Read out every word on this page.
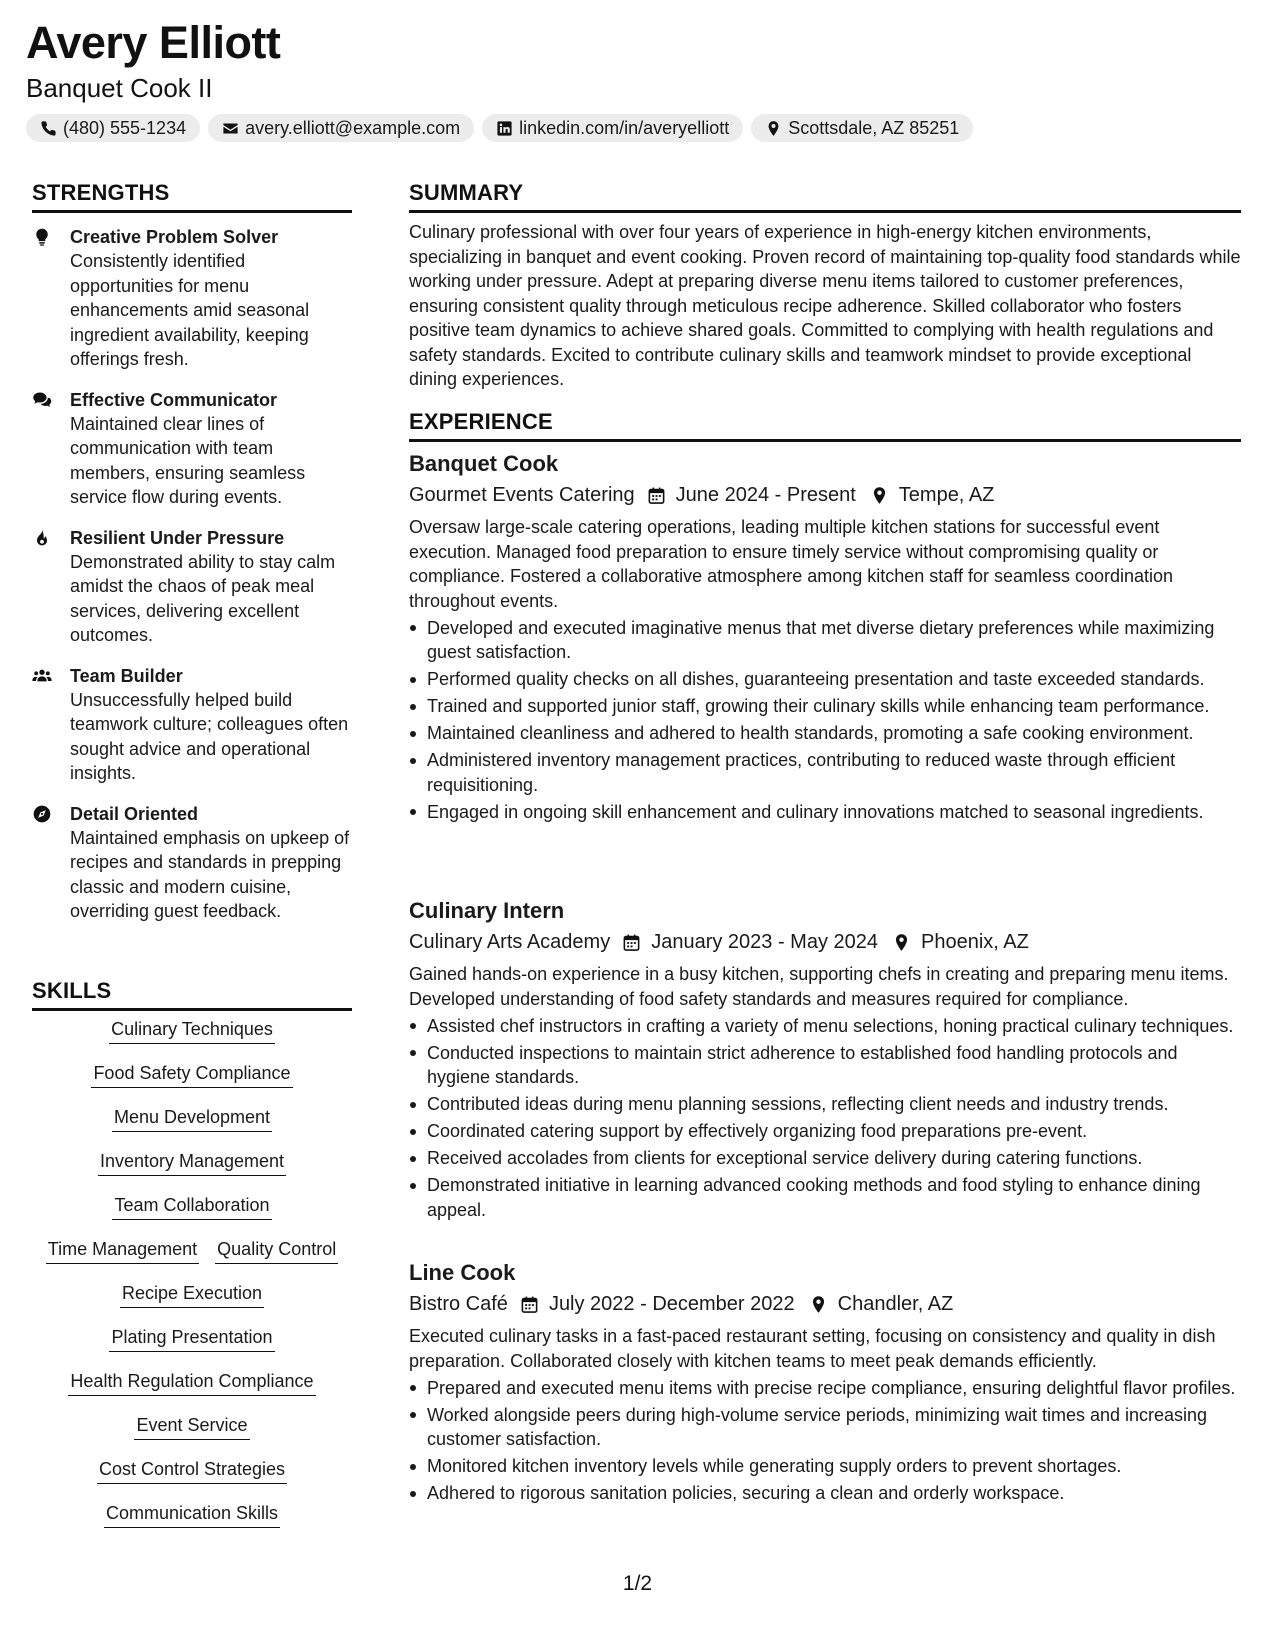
Avery Elliott
Banquet Cook II
(480) 555-1234	avery.elliott@example.com	linkedin.com/in/averyelliott	Scottsdale, AZ 85251
STRENGTHS
Creative Problem Solver
Consistently identified opportunities for menu enhancements amid seasonal ingredient availability, keeping offerings fresh.
Effective Communicator
Maintained clear lines of communication with team members, ensuring seamless service flow during events.
Resilient Under Pressure
Demonstrated ability to stay calm amidst the chaos of peak meal services, delivering excellent outcomes.
Team Builder
Unsuccessfully helped build teamwork culture; colleagues often sought advice and operational insights.
Detail Oriented
Maintained emphasis on upkeep of recipes and standards in prepping classic and modern cuisine, overriding guest feedback.
SKILLS
Culinary Techniques
Food Safety Compliance
Menu Development
Inventory Management
Team Collaboration
Time Management Quality Control
Recipe Execution
Plating Presentation
Health Regulation Compliance
Event Service
Cost Control Strategies
Communication Skills
SUMMARY
Culinary professional with over four years of experience in high-energy kitchen environments, specializing in banquet and event cooking. Proven record of maintaining top-quality food standards while working under pressure. Adept at preparing diverse menu items tailored to customer preferences, ensuring consistent quality through meticulous recipe adherence. Skilled collaborator who fosters positive team dynamics to achieve shared goals. Committed to complying with health regulations and safety standards. Excited to contribute culinary skills and teamwork mindset to provide exceptional dining experiences.
EXPERIENCE
Banquet Cook
Gourmet Events Catering June 2024 - Present Tempe, AZ
Oversaw large-scale catering operations, leading multiple kitchen stations for successful event execution. Managed food preparation to ensure timely service without compromising quality or compliance. Fostered a collaborative atmosphere among kitchen staff for seamless coordination throughout events.
Developed and executed imaginative menus that met diverse dietary preferences while maximizing guest satisfaction.
Performed quality checks on all dishes, guaranteeing presentation and taste exceeded standards.
Trained and supported junior staff, growing their culinary skills while enhancing team performance.
Maintained cleanliness and adhered to health standards, promoting a safe cooking environment.
Administered inventory management practices, contributing to reduced waste through efficient requisitioning.
Engaged in ongoing skill enhancement and culinary innovations matched to seasonal ingredients.
Culinary Intern
Culinary Arts Academy January 2023 - May 2024 Phoenix, AZ
Gained hands-on experience in a busy kitchen, supporting chefs in creating and preparing menu items. Developed understanding of food safety standards and measures required for compliance.
Assisted chef instructors in crafting a variety of menu selections, honing practical culinary techniques.
Conducted inspections to maintain strict adherence to established food handling protocols and hygiene standards.
Contributed ideas during menu planning sessions, reflecting client needs and industry trends.
Coordinated catering support by effectively organizing food preparations pre-event.
Received accolades from clients for exceptional service delivery during catering functions.
Demonstrated initiative in learning advanced cooking methods and food styling to enhance dining appeal.
Line Cook
Bistro Café July 2022 - December 2022 Chandler, AZ
Executed culinary tasks in a fast-paced restaurant setting, focusing on consistency and quality in dish preparation. Collaborated closely with kitchen teams to meet peak demands efficiently.
Prepared and executed menu items with precise recipe compliance, ensuring delightful flavor profiles.
Worked alongside peers during high-volume service periods, minimizing wait times and increasing customer satisfaction.
Monitored kitchen inventory levels while generating supply orders to prevent shortages.
Adhered to rigorous sanitation policies, securing a clean and orderly workspace.
1/2
